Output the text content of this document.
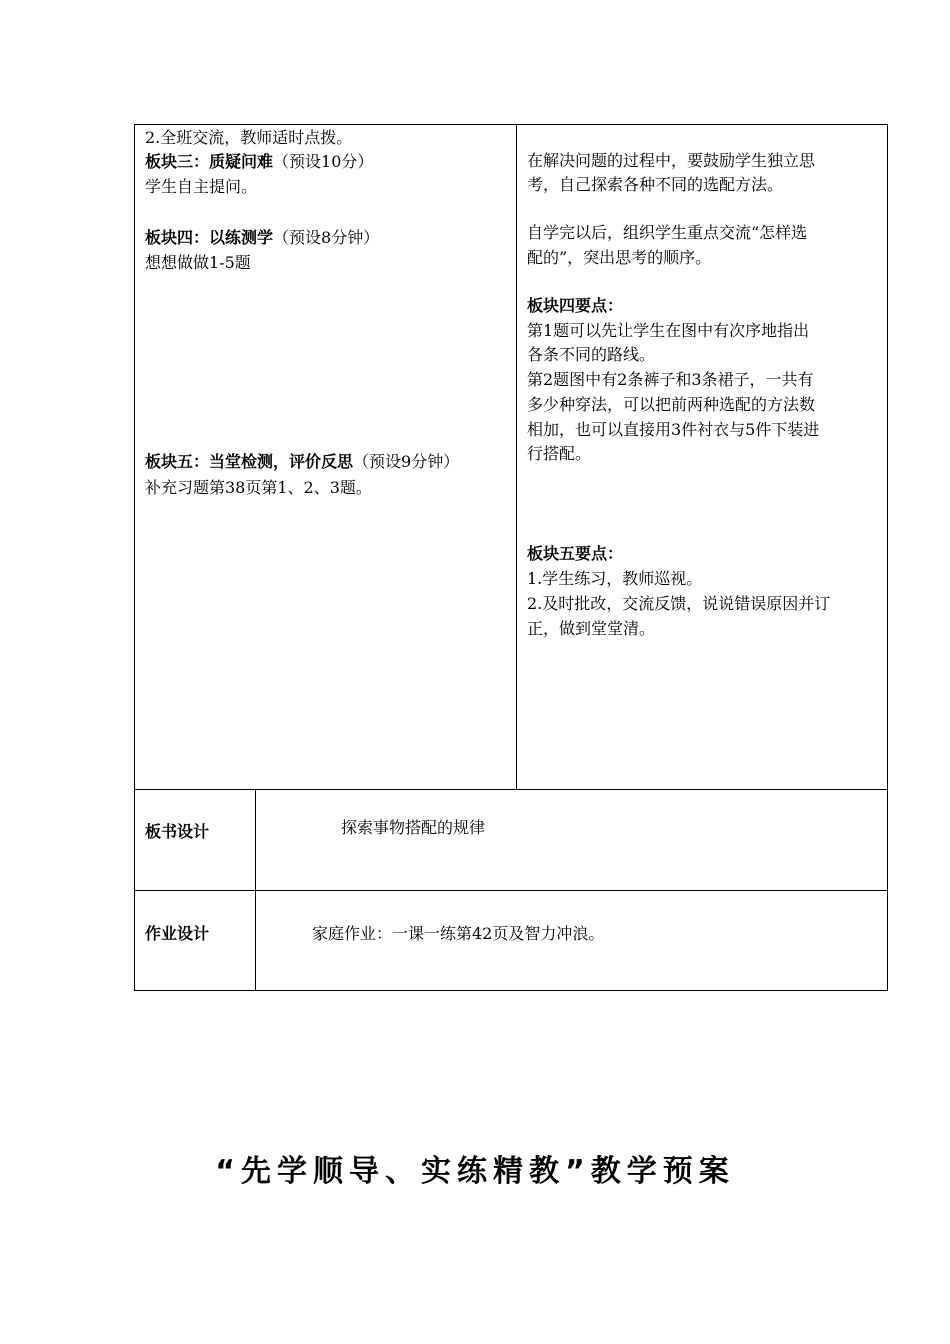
2.全班交流，教师适时点拨。
板块三：质疑问难（预设10分）
学生自主提问。
板块四：以练测学（预设8分钟）
想想做做1-5题
板块五：当堂检测，评价反思（预设9分钟）
补充习题第38页第1、2、3题。
在解决问题的过程中，要鼓励学生独立思
考，自己探索各种不同的选配方法。
自学完以后，组织学生重点交流“怎样选
配的”，突出思考的顺序。
板块四要点：
第1题可以先让学生在图中有次序地指出
各条不同的路线。
第2题图中有2条裤子和3条裙子，一共有
多少种穿法，可以把前两种选配的方法数
相加，也可以直接用3件衬衣与5件下装进
行搭配。
板块五要点：
1.学生练习，教师巡视。
2.及时批改，交流反馈，说说错误原因并订
正，做到堂堂清。
板书设计	探索事物搭配的规律
作业设计	家庭作业：一课一练第42页及智力冲浪。
“先学顺导、实练精教”教学预案
